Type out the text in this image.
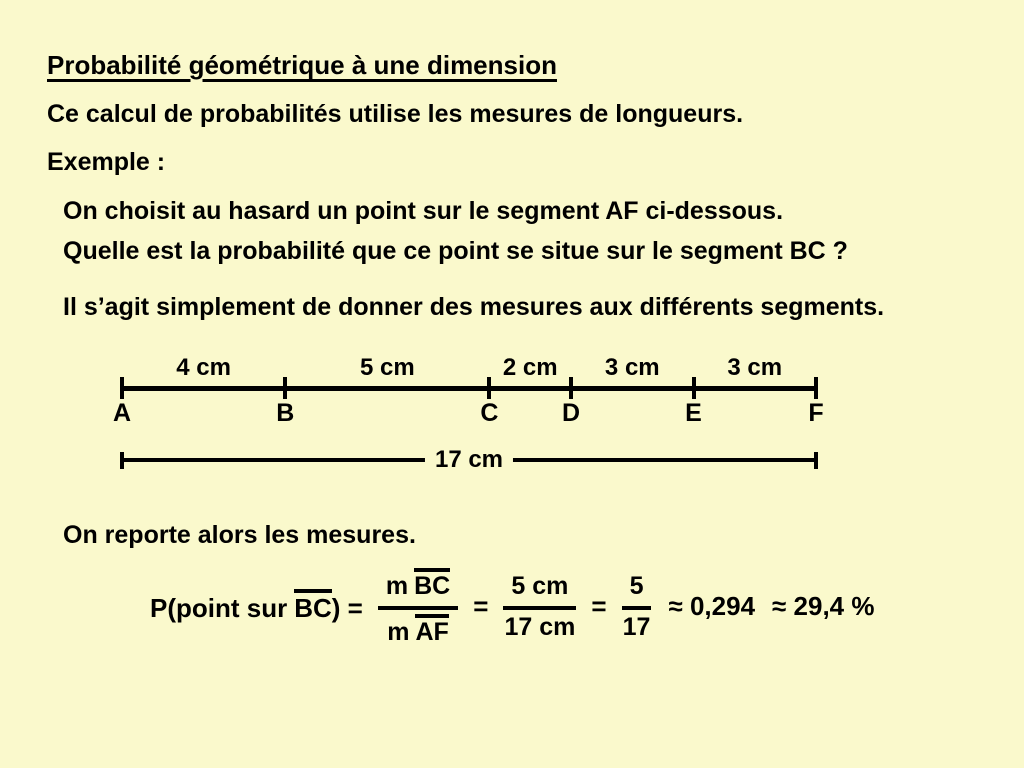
Probabilité géométrique à une dimension
Ce calcul de probabilités utilise les mesures de longueurs.
Exemple :
On choisit au hasard un point sur le segment AF ci-dessous.
Quelle est la probabilité que ce point se situe sur le segment BC ?
Il s’agit simplement de donner des mesures aux différents segments.
4 cm	5 cm	2 cm 3 cm	3 cm
A	B	C	D	E	F
17 cm
On reporte alors les mesures.
P(point sur $BC) = \frac{\text{m BC}}{\text{m AF}} = \frac{5 cm}{17 cm} = \frac{5}{17} \approx 0,294 \approx 29,4$ %
